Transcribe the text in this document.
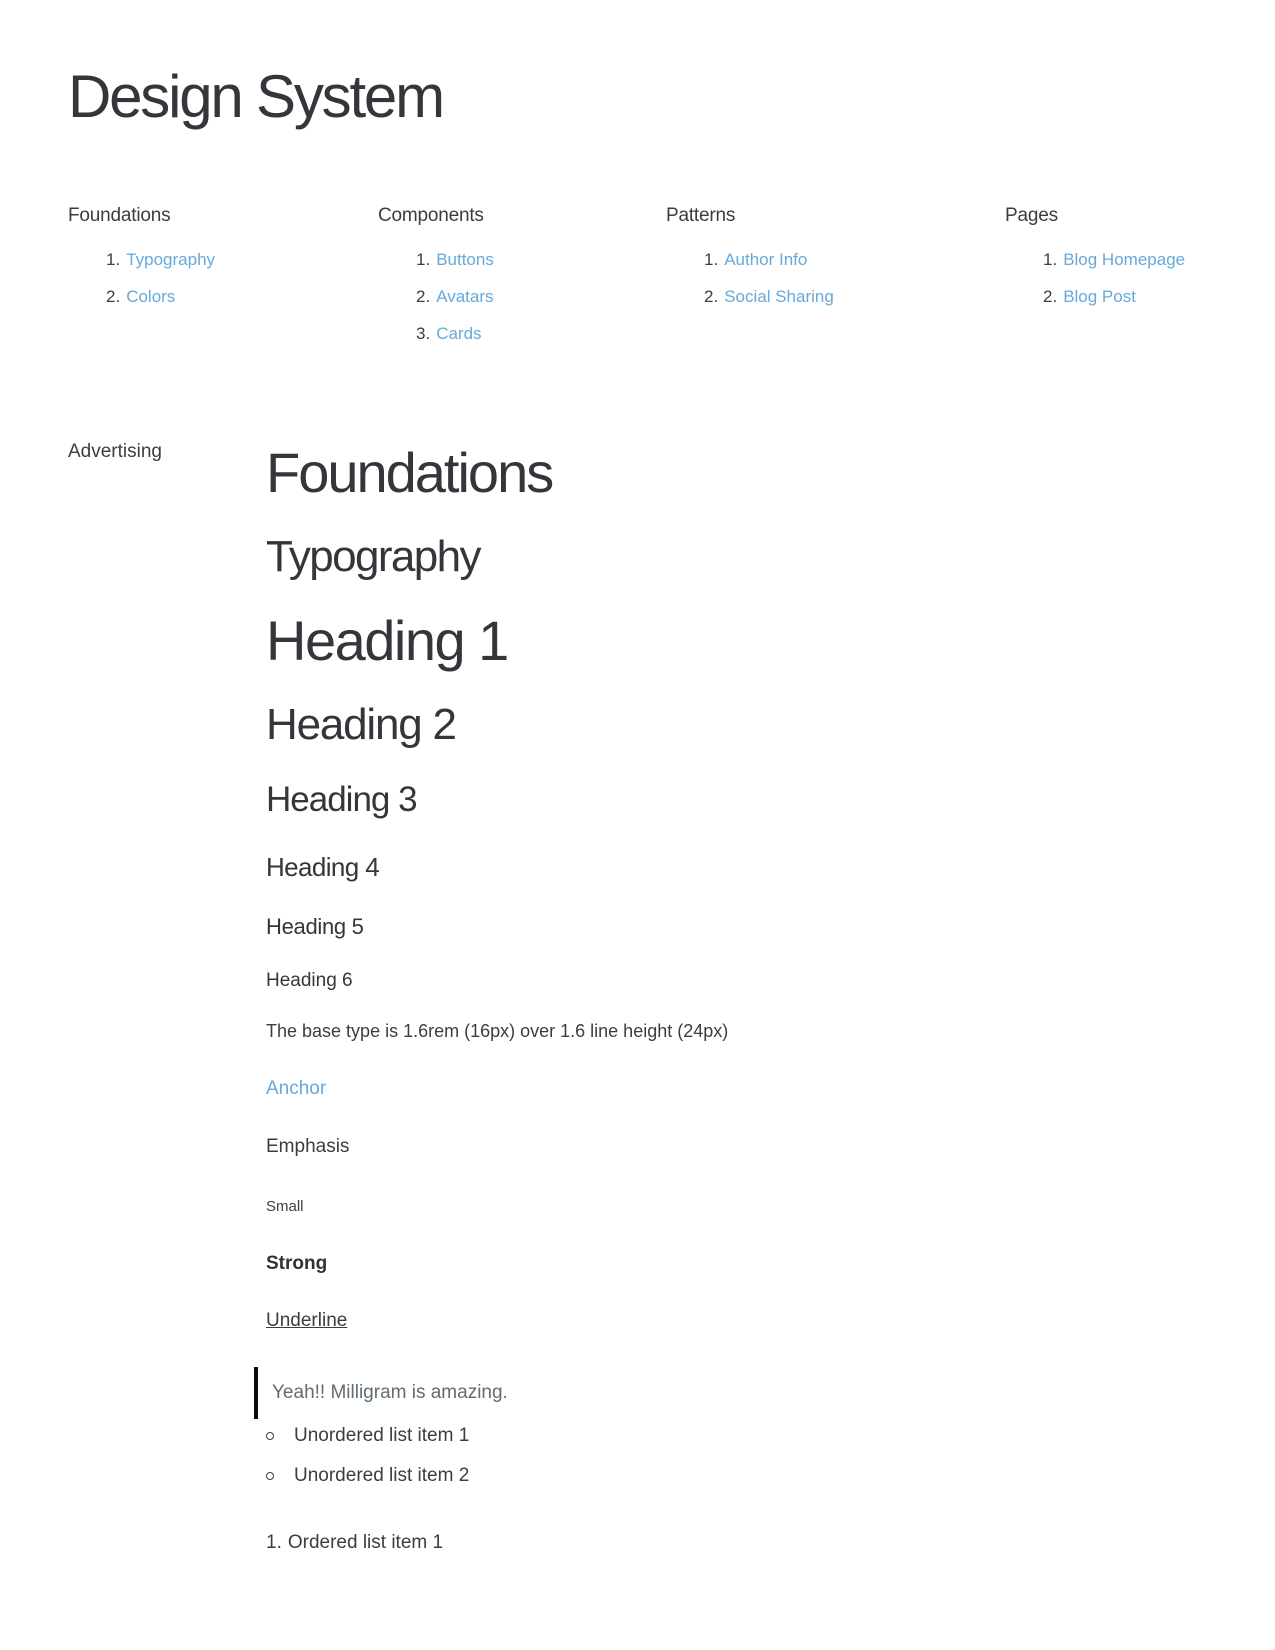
Design System
Foundations
1. Typography
2. Colors
Components
1. Buttons
2. Avatars
3. Cards
Patterns
1. Author Info
2. Social Sharing
Pages
1. Blog Homepage
2. Blog Post
Advertising Foundations
Typography
Heading 1
Heading 2
Heading 3
Heading 4
Heading 5
Heading 6

The base type is 1.6rem (16px) over 1.6 line height (24px)

Anchor
Emphasis
Small
Strong
Underline
Yeah!! Milligram is amazing.
Unordered list item 1
Unordered list item 2
1. Ordered list item 1
